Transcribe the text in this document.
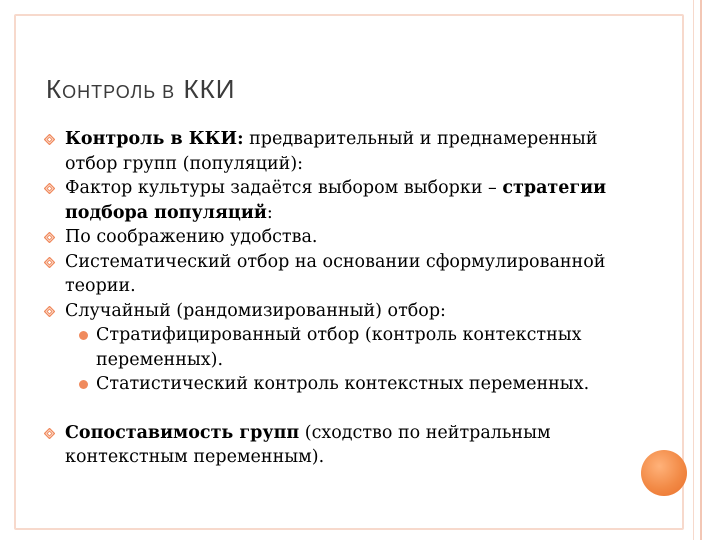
КОНТРОЛЬ В ККИ
Контроль в ККИ: предварительный и преднамеренный отбор групп (популяций):
Фактор культуры задаётся выбором выборки – стратегии подбора популяций:
По соображению удобства.
Систематический отбор на основании сформулированной теории.
Случайный (рандомизированный) отбор:
Стратифицированный отбор (контроль контекстных переменных).
Статистический контроль контекстных переменных.
Сопоставимость групп (сходство по нейтральным контекстным переменным).
